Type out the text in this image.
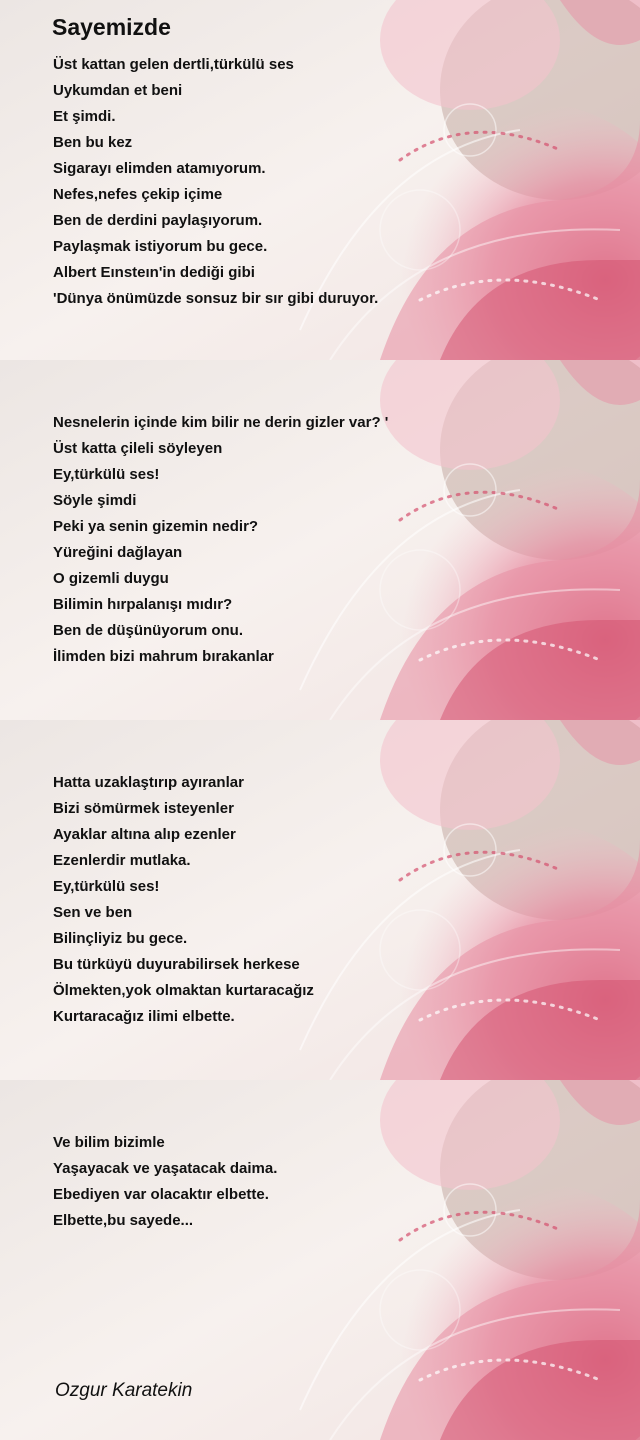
Sayemizde
Üst kattan gelen dertli,türkülü ses
Uykumdan et beni
Et şimdi.
Ben bu kez
Sigarayı elimden atamıyorum.
Nefes,nefes çekip içime
Ben de derdini paylaşıyorum.
Paylaşmak istiyorum bu gece.
Albert Eınsteın'in dediği gibi
'Dünya önümüzde sonsuz bir sır gibi duruyor.
Nesnelerin içinde kim bilir ne derin gizler var? '
Üst katta çileli söyleyen
Ey,türkülü ses!
Söyle şimdi
Peki ya senin gizemin nedir?
Yüreğini dağlayan
O gizemli duygu
Bilimin hırpalanışı mıdır?
Ben de düşünüyorum onu.
İlimden bizi mahrum bırakanlar
Hatta uzaklaştırıp ayıranlar
Bizi sömürmek isteyenler
Ayaklar altına alıp ezenler
Ezenlerdir mutlaka.
Ey,türkülü ses!
Sen ve ben
Bilinçliyiz bu gece.
Bu türküyü duyurabilirsek herkese
Ölmekten,yok olmaktan kurtaracağız
Kurtaracağız ilimi elbette.
Ve bilim bizimle
Yaşayacak ve yaşatacak daima.
Ebediyen var olacaktır elbette.
Elbette,bu sayede...
Ozgur Karatekin
